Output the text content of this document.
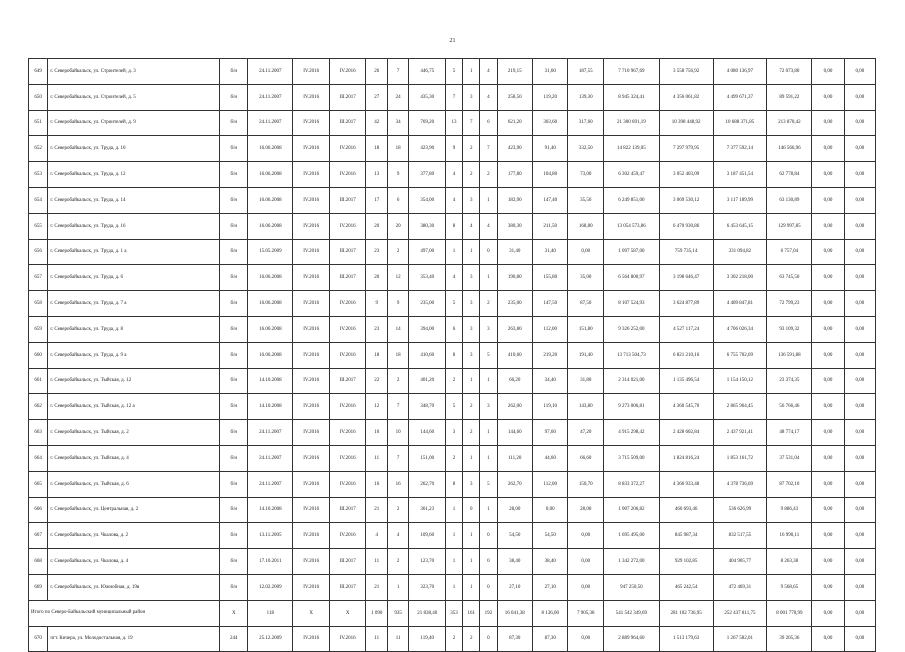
21
649	г. Северобайкальск, ул. Строителей, д. 3	б/н	24.11.2007	IV.2016	IV.2016	26	7	446,75	5	1	4	219,15	31,60	187,55	7 710 967,69	3 558 756,92	4 080 136,97	72 073,80	0,00	0,00
650	г. Северобайкальск, ул. Строителей, д. 5	б/н	24.11.2007	IV.2016	III.2017	27	24	435,30	7	3	4	258,50	119,20	139,30	8 945 324,41	4 356 061,82	4 499 671,37	89 591,22	0,00	0,00
651	г. Северобайкальск, ул. Строителей, д. 9	б/н	24.11.2007	IV.2016	III.2017	42	34	769,20	13	7	6	621,20	303,60	317,60	21 300 691,19	10 398 448,92	10 688 371,85	213 870,42	0,00	0,00
652	г. Северобайкальск, ул. Труда, д. 10	б/н	16.06.2008	IV.2016	IV.2016	18	18	423,90	9	2	7	423,90	91,40	332,50	14 822 139,05	7 297 979,95	7 377 592,14	146 566,96	0,00	0,00
653	г. Северобайкальск, ул. Труда, д. 12	б/н	16.06.2008	IV.2016	IV.2016	13	9	377,80	4	2	2	177,80	104,80	73,00	6 302 459,47	3 052 403,09	3 187 451,54	62 778,84	0,00	0,00
654	г. Северобайкальск, ул. Труда, д. 14	б/н	16.06.2008	IV.2016	III.2017	17	6	354,00	4	3	1	182,90	147,40	35,50	6 249 851,00	3 069 530,12	3 117 189,99	63 130,89	0,00	0,00
655	г. Северобайкальск, ул. Труда, д. 16	б/н	16.06.2008	IV.2016	IV.2016	20	20	380,30	8	4	4	380,30	211,50	168,80	13 054 573,86	6 470 930,86	6 453 645,15	129 997,85	0,00	0,00
656	г. Северобайкальск, ул. Труда, д. 1 а	б/н	15.05.2009	IV.2016	III.2017	23	2	497,00	1	1	0	31,40	31,40	0,00	1 097 587,00	759 735,14	331 094,82	6 757,04	0,00	0,00
657	г. Северобайкальск, ул. Труда, д. 6	б/н	16.06.2008	IV.2016	III.2017	20	12	353,40	4	3	1	190,80	155,80	35,00	6 564 800,97	3 198 646,47	3 302 218,00	63 745,50	0,00	0,00
658	г. Северобайкальск, ул. Труда, д. 7 а	б/н	16.06.2008	IV.2016	IV.2016	9	9	235,00	5	3	2	235,00	147,50	87,50	8 107 524,93	3 624 877,89	4 409 847,81	72 799,23	0,00	0,00
659	г. Северобайкальск, ул. Труда, д. 8	б/н	16.06.2008	IV.2016	IV.2016	23	14	394,00	6	3	3	263,80	112,00	151,80	9 326 252,00	4 527 117,24	4 706 026,34	93 109,32	0,00	0,00
660	г. Северобайкальск, ул. Труда, д. 9 а	б/н	16.06.2008	IV.2016	IV.2016	18	18	410,60	8	3	5	410,60	219,20	191,40	13 713 504,73	6 821 210,16	6 755 702,69	136 591,88	0,00	0,00
661	г. Северобайкальск, ул. Тыйская, д. 12	б/н	14.10.2008	IV.2016	III.2017	22	2	401,20	2	1	1	66,20	34,40	31,80	2 314 021,00	1 135 496,54	1 154 150,12	23 374,35	0,00	0,00
662	г. Северобайкальск, ул. Тыйская, д. 12 а	б/н	14.10.2008	IV.2016	IV.2016	12	7	348,70	5	2	3	262,00	119,10	143,80	9 273 006,81	4 360 545,70	2 865 964,45	56 766,46	0,00	0,00
663	г. Северобайкальск, ул. Тыйская, д. 2	б/н	24.11.2007	IV.2016	IV.2016	10	10	144,60	3	2	1	144,60	97,60	47,20	4 915 298,42	2 428 602,84	2 437 921,41	48 774,17	0,00	0,00
664	г. Северобайкальск, ул. Тыйская, д. 4	б/н	24.11.2007	IV.2016	IV.2016	11	7	151,00	2	1	1	111,20	44,60	66,60	3 715 509,00	1 824 816,24	1 853 161,72	37 531,04	0,00	0,00
665	г. Северобайкальск, ул. Тыйская, д. 6	б/н	24.11.2007	IV.2016	IV.2016	16	16	262,70	8	3	5	262,70	112,00	150,70	8 833 372,27	4 366 933,48	4 378 736,69	87 702,10	0,00	0,00
666	г. Северобайкальск, ул. Центральная, д. 2	б/н	14.10.2008	IV.2016	III.2017	21	2	361,23	1	0	1	28,00	0,00	28,00	1 007 206,82	460 693,46	536 626,99	9 886,43	0,00	0,00
667	г. Северобайкальск, ул. Чкалова, д. 2	б/н	13.11.2005	IV.2016	IV.2016	4	4	109,60	1	1	0	54,50	54,50	0,00	1 695 495,00	845 987,34	832 517,55	16 990,11	0,00	0,00
668	г. Северобайкальск, ул. Чкалова, д. 4	б/н	17.10.2011	IV.2016	III.2017	11	2	123,70	1	1	0	38,40	38,40	0,00	1 342 272,00	929 102,85	404 905,77	8 263,38	0,00	0,00
669	г. Северобайкальск, ул. Южнобная, д. 19в	б/н	12.02.2009	IV.2016	III.2017	21	1	323,70	1	1	0	27,10	27,10	0,00	947 250,50	465 242,54	472 469,31	9 568,65	0,00	0,00
Итого по Северо-Байкальский муниципальный район		X	118	X	X	1 090	935	21 838,40	353	161	192	16 041,38	8 136,00	7 905,38	541 542 349,69	281 102 736,95	252 437 811,75	8 001 770,99	0,00	0,00
670	пгт. Кичера, ул. Молодостальная, д. 19	244	25.12.2009	IV.2016	IV.2016	11	11	119,40	2	2	0	87,30	87,30	0,00	2 889 964,60	1 513 179,63	1 267 582,01	39 205,36	0,00	0,00
